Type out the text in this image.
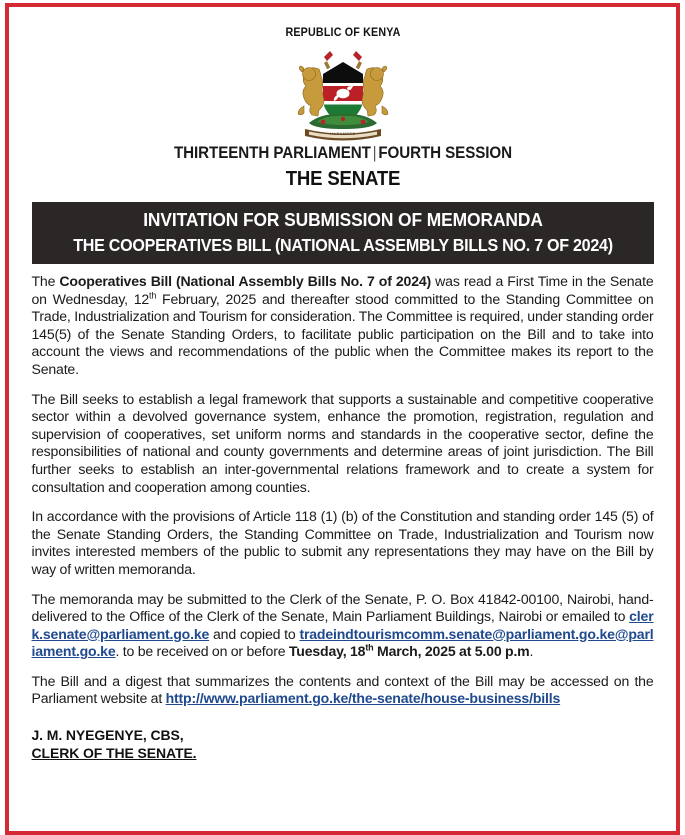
REPUBLIC OF KENYA
HARAMBEE
THIRTEENTH PARLIAMENT | FOURTH SESSION
THE SENATE
INVITATION FOR SUBMISSION OF MEMORANDA
THE COOPERATIVES BILL (NATIONAL ASSEMBLY BILLS NO. 7 OF 2024)

The Cooperatives Bill (National Assembly Bills No. 7 of 2024) was read a First Time in the Senate on Wednesday, 12th February, 2025 and thereafter stood committed to the Standing Committee on Trade, Industrialization and Tourism for consideration. The Committee is required, under standing order 145(5) of the Senate Standing Orders, to facilitate public participation on the Bill and to take into account the views and recommendations of the public when the Committee makes its report to the Senate.

The Bill seeks to establish a legal framework that supports a sustainable and competitive cooperative sector within a devolved governance system, enhance the promotion, registration, regulation and supervision of cooperatives, set uniform norms and standards in the cooperative sector, define the responsibilities of national and county governments and determine areas of joint jurisdiction. The Bill further seeks to establish an inter-governmental relations framework and to create a system for consultation and cooperation among counties.

In accordance with the provisions of Article 118 (1) (b) of the Constitution and standing order 145 (5) of the Senate Standing Orders, the Standing Committee on Trade, Industrialization and Tourism now invites interested members of the public to submit any representations they may have on the Bill by way of written memoranda.

The memoranda may be submitted to the Clerk of the Senate, P. O. Box 41842-00100, Nairobi, hand-delivered to the Office of the Clerk of the Senate, Main Parliament Buildings, Nairobi or emailed to clerk.senate@parliament.go.ke and copied to tradeindtourismcomm.senate@parliament.go.ke@parliament.go.ke. to be received on or before Tuesday, 18th March, 2025 at 5.00 p.m.

The Bill and a digest that summarizes the contents and context of the Bill may be accessed on the Parliament website at http://www.parliament.go.ke/the-senate/house-business/bills

J. M. NYEGENYE, CBS,
CLERK OF THE SENATE.
